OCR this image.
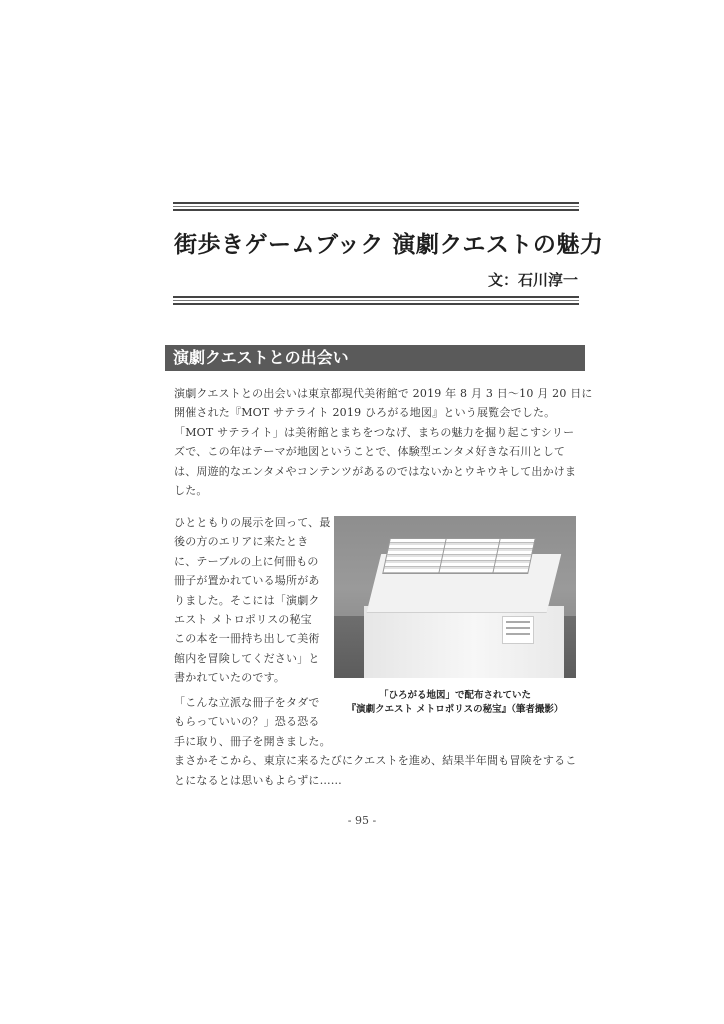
街歩きゲームブック 演劇クエストの魅力
文：石川淳一
演劇クエストとの出会い
演劇クエストとの出会いは東京都現代美術館で 2019 年 8 月 3 日～10 月 20 日に
開催された『MOT サテライト 2019 ひろがる地図』という展覧会でした。
「MOT サテライト」は美術館とまちをつなげ、まちの魅力を掘り起こすシリー
ズで、この年はテーマが地図ということで、体験型エンタメ好きな石川として
は、周遊的なエンタメやコンテンツがあるのではないかとウキウキして出かけま
した。
ひとともりの展示を回って、最
後の方のエリアに来たとき
に、テーブルの上に何冊もの
冊子が置かれている場所があ
りました。そこには「演劇ク
エスト メトロポリスの秘宝
この本を一冊持ち出して美術
館内を冒険してください」と
書かれていたのです。
「ひろがる地図」で配布されていた
『演劇クエスト メトロポリスの秘宝』（筆者撮影）
「こんな立派な冊子をタダで
もらっていいの？」恐る恐る
手に取り、冊子を開きました。
まさかそこから、東京に来るたびにクエストを進め、結果半年間も冒険をするこ
とになるとは思いもよらずに……
- 95 -
